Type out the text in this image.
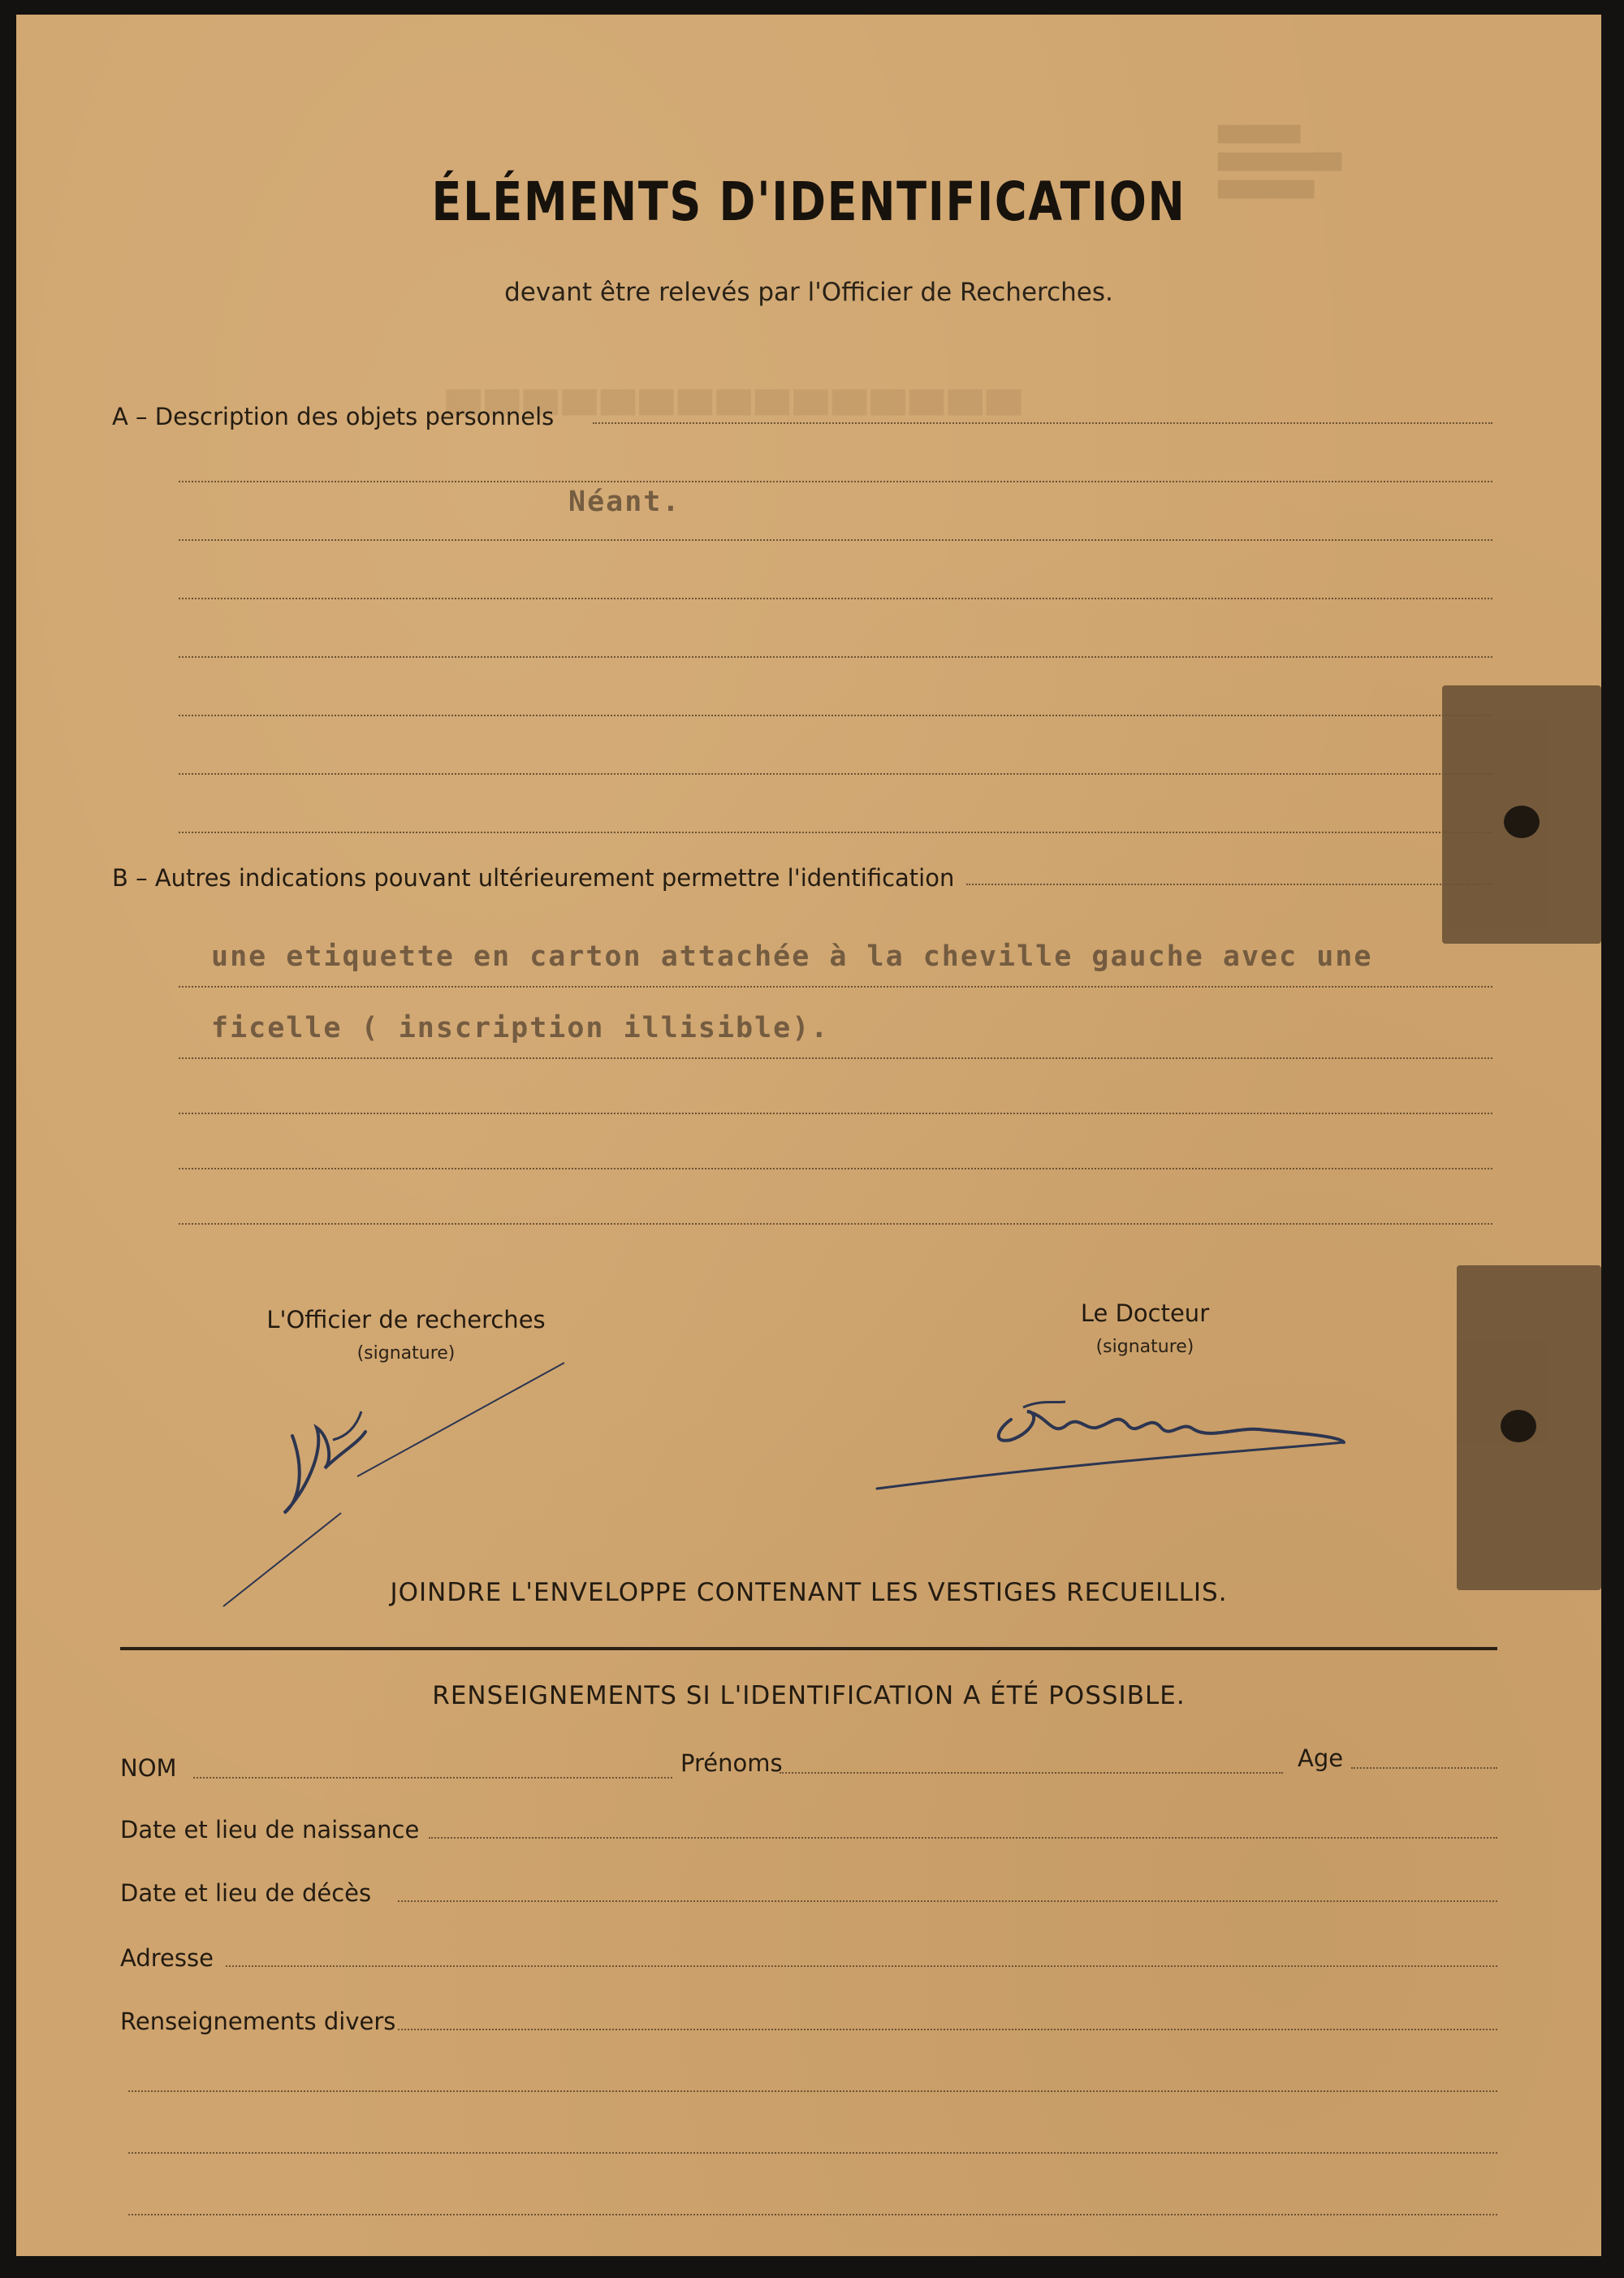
▇▇▇▇▇▇
▇▇▇▇▇▇▇▇▇
▇▇▇▇▇▇▇
▄▄▄▄▄▄▄▄▄▄▄▄▄▄▄
ÉLÉMENTS D'IDENTIFICATION
devant être relevés par l'Officier de Recherches.
A – Description des objets personnels
Néant.
B – Autres indications pouvant ultérieurement permettre l'identification
une etiquette en carton attachée à la cheville gauche avec une
ficelle ( inscription illisible).
L'Officier de recherches
(signature)
Le Docteur
(signature)
JOINDRE L'ENVELOPPE CONTENANT LES VESTIGES RECUEILLIS.
RENSEIGNEMENTS SI L'IDENTIFICATION A ÉTÉ POSSIBLE.
NOM	Prénoms	Age
Date et lieu de naissance
Date et lieu de décès
Adresse
Renseignements divers
